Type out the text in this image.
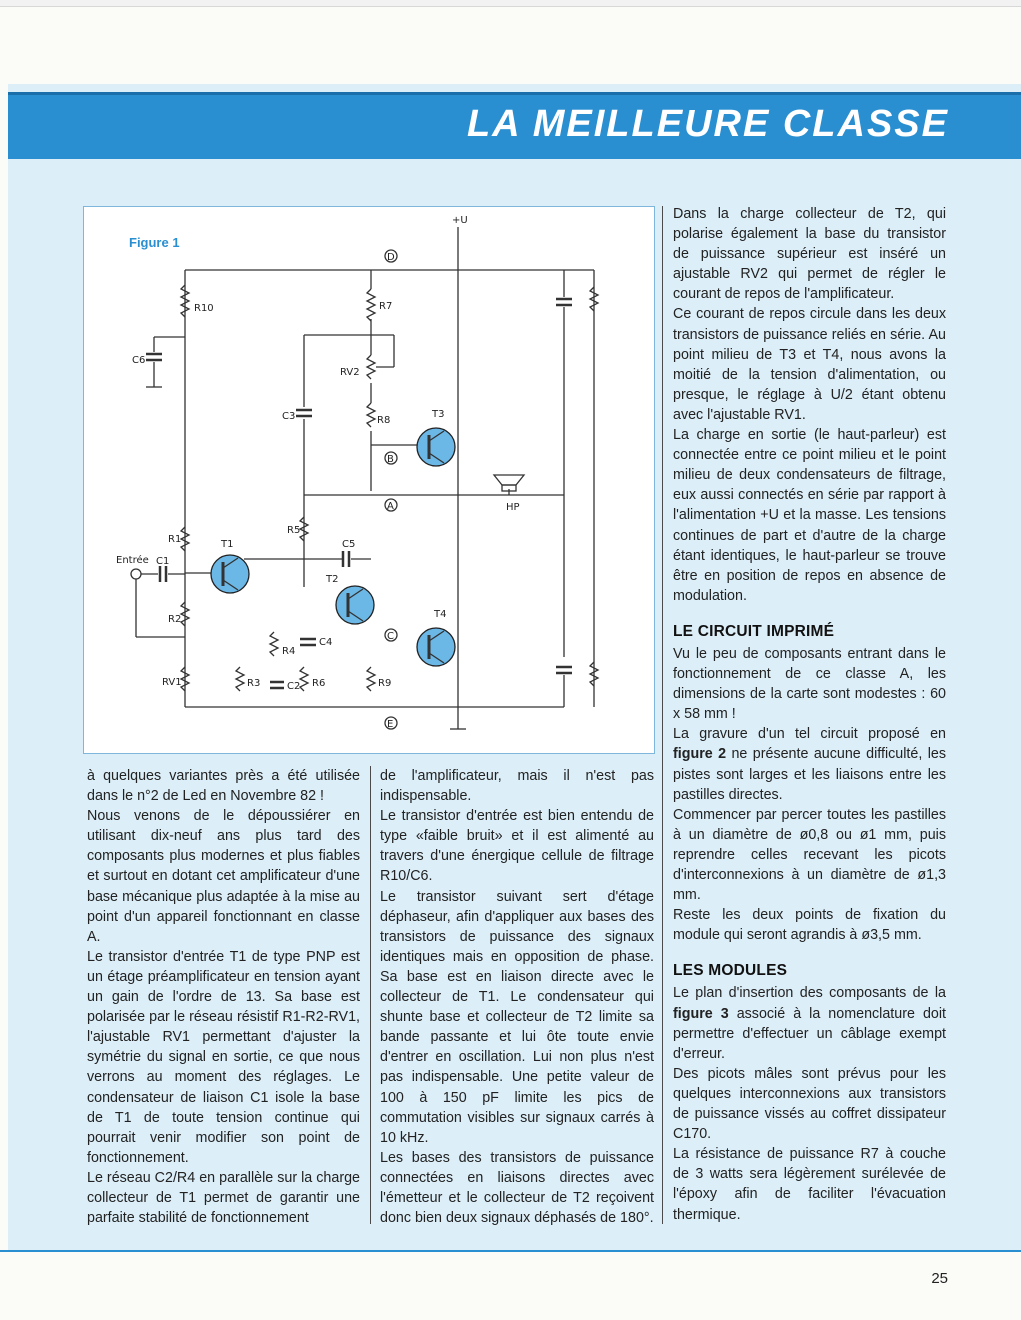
LA MEILLEURE CLASSE
Figure 1
+U
R10
C6
R7
RV2
R8
C3	T3
HP
R1	T1
Entrée C1
R5
C5
T2
R2	T4
R4
C4
RV1	R3	C2 R6	R9
D
B
A
C
E

à quelques variantes près a été utilisée dans le n°2 de Led en Novembre 82 !

Nous venons de le dépoussiérer en utilisant dix-neuf ans plus tard des composants plus modernes et plus fiables et surtout en dotant cet amplificateur d'une base mécanique plus adaptée à la mise au point d'un appareil fonctionnant en classe A.

Le transistor d'entrée T1 de type PNP est un étage préamplificateur en tension ayant un gain de l'ordre de 13. Sa base est polarisée par le réseau résistif R1-R2-RV1, l'ajustable RV1 permettant d'ajuster la symétrie du signal en sortie, ce que nous verrons au moment des réglages. Le condensateur de liaison C1 isole la base de T1 de toute tension continue qui pourrait venir modifier son point de fonctionnement.

Le réseau C2/R4 en parallèle sur la charge collecteur de T1 permet de garantir une parfaite stabilité de fonctionnement

de l'amplificateur, mais il n'est pas indispensable.

Le transistor d'entrée est bien entendu de type «faible bruit» et il est alimenté au travers d'une énergique cellule de filtrage R10/C6.

Le transistor suivant sert d'étage déphaseur, afin d'appliquer aux bases des transistors de puissance des signaux identiques mais en opposition de phase. Sa base est en liaison directe avec le collecteur de T1. Le condensateur qui shunte base et collecteur de T2 limite sa bande passante et lui ôte toute envie d'entrer en oscillation. Lui non plus n'est pas indispensable. Une petite valeur de 100 à 150 pF limite les pics de commutation visibles sur signaux carrés à 10 kHz.

Les bases des transistors de puissance connectées en liaisons directes avec l'émetteur et le collecteur de T2 reçoivent donc bien deux signaux déphasés de 180°.

Dans la charge collecteur de T2, qui polarise également la base du transistor de puissance supérieur est inséré un ajustable RV2 qui permet de régler le courant de repos de l'amplificateur.

Ce courant de repos circule dans les deux transistors de puissance reliés en série. Au point milieu de T3 et T4, nous avons la moitié de la tension d'alimentation, ou presque, le réglage à U/2 étant obtenu avec l'ajustable RV1.

La charge en sortie (le haut-parleur) est connectée entre ce point milieu et le point milieu de deux condensateurs de filtrage, eux aussi connectés en série par rapport à l'alimentation +U et la masse. Les tensions continues de part et d'autre de la charge étant identiques, le haut-parleur se trouve être en position de repos en absence de modulation.

LE CIRCUIT IMPRIMÉ

Vu le peu de composants entrant dans le fonctionnement de ce classe A, les dimensions de la carte sont modestes : 60 x 58 mm !

La gravure d'un tel circuit proposé en figure 2 ne présente aucune difficulté, les pistes sont larges et les liaisons entre les pastilles directes.

Commencer par percer toutes les pastilles à un diamètre de ø0,8 ou ø1 mm, puis reprendre celles recevant les picots d'interconnexions à un diamètre de ø1,3 mm.

Reste les deux points de fixation du module qui seront agrandis à ø3,5 mm.

LES MODULES

Le plan d'insertion des composants de la figure 3 associé à la nomenclature doit permettre d'effectuer un câblage exempt d'erreur.

Des picots mâles sont prévus pour les quelques interconnexions aux transistors de puissance vissés au coffret dissipateur C170.

La résistance de puissance R7 à couche de 3 watts sera légèrement surélevée de l'époxy afin de faciliter l'évacuation thermique.

25
